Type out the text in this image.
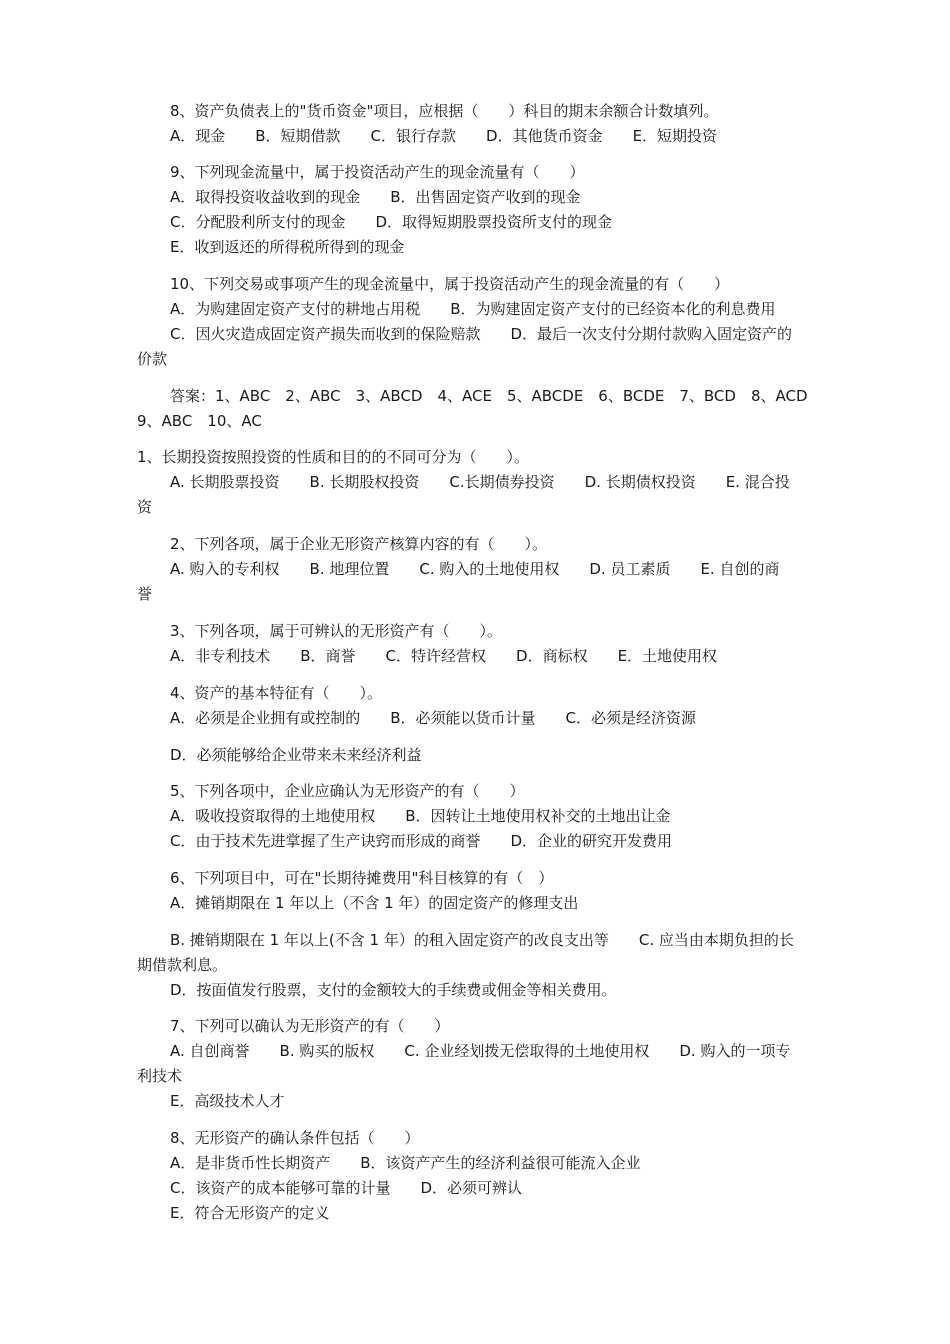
8、资产负债表上的"货币资金"项目，应根据（　　）科目的期末余额合计数填列。
A．现金　　B．短期借款　　C．银行存款　　D．其他货币资金　　E．短期投资
9、下列现金流量中，属于投资活动产生的现金流量有（　　）
A．取得投资收益收到的现金　　B．出售固定资产收到的现金
C．分配股利所支付的现金　　D．取得短期股票投资所支付的现金
E．收到返还的所得税所得到的现金
10、下列交易或事项产生的现金流量中，属于投资活动产生的现金流量的有（　　）
A．为购建固定资产支付的耕地占用税　　B．为购建固定资产支付的已经资本化的利息费用
C．因火灾造成固定资产损失而收到的保险赔款　　D．最后一次支付分期付款购入固定资产的
价款
答案：1、ABC　2、ABC　3、ABCD　4、ACE　5、ABCDE　6、BCDE　7、BCD　8、ACD
9、ABC　10、AC
1、长期投资按照投资的性质和目的的不同可分为（　　）。
A. 长期股票投资　　B. 长期股权投资　　C.长期债券投资　　D. 长期债权投资　　E. 混合投
资
2、下列各项，属于企业无形资产核算内容的有（　　）。
A. 购入的专利权　　B. 地理位置　　C. 购入的土地使用权　　D. 员工素质　　E. 自创的商
誉
3、下列各项，属于可辨认的无形资产有（　　）。
A．非专利技术　　B．商誉　　C．特许经营权　　D．商标权　　E．土地使用权
4、资产的基本特征有（　　）。
A．必须是企业拥有或控制的　　B．必须能以货币计量　　C．必须是经济资源
D．必须能够给企业带来未来经济利益
5、下列各项中，企业应确认为无形资产的有（　　）
A．吸收投资取得的土地使用权　　B．因转让土地使用权补交的土地出让金
C．由于技术先进掌握了生产诀窍而形成的商誉　　D．企业的研究开发费用
6、下列项目中，可在"长期待摊费用"科目核算的有（　）
A．摊销期限在 1 年以上（不含 1 年）的固定资产的修理支出
B. 摊销期限在 1 年以上(不含 1 年）的租入固定资产的改良支出等　　C. 应当由本期负担的长
期借款利息。
D．按面值发行股票，支付的金额较大的手续费或佣金等相关费用。
7、下列可以确认为无形资产的有（　　）
A. 自创商誉　　B. 购买的版权　　C. 企业经划拨无偿取得的土地使用权　　D. 购入的一项专
利技术
E．高级技术人才
8、无形资产的确认条件包括（　　）
A．是非货币性长期资产　　B．该资产产生的经济利益很可能流入企业
C．该资产的成本能够可靠的计量　　D．必须可辨认
E．符合无形资产的定义
